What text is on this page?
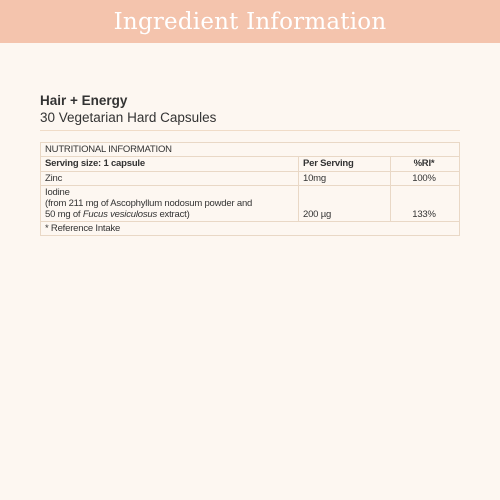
Ingredient Information
Hair + Energy
30 Vegetarian Hard Capsules
NUTRITIONAL INFORMATION
Serving size: 1 capsule	Per Serving	%RI*
Zinc	10mg	100%
Iodine
(from 211 mg of Ascophyllum nodosum powder and
50 mg of Fucus vesiculosus extract)	200 µg	133%
* Reference Intake
